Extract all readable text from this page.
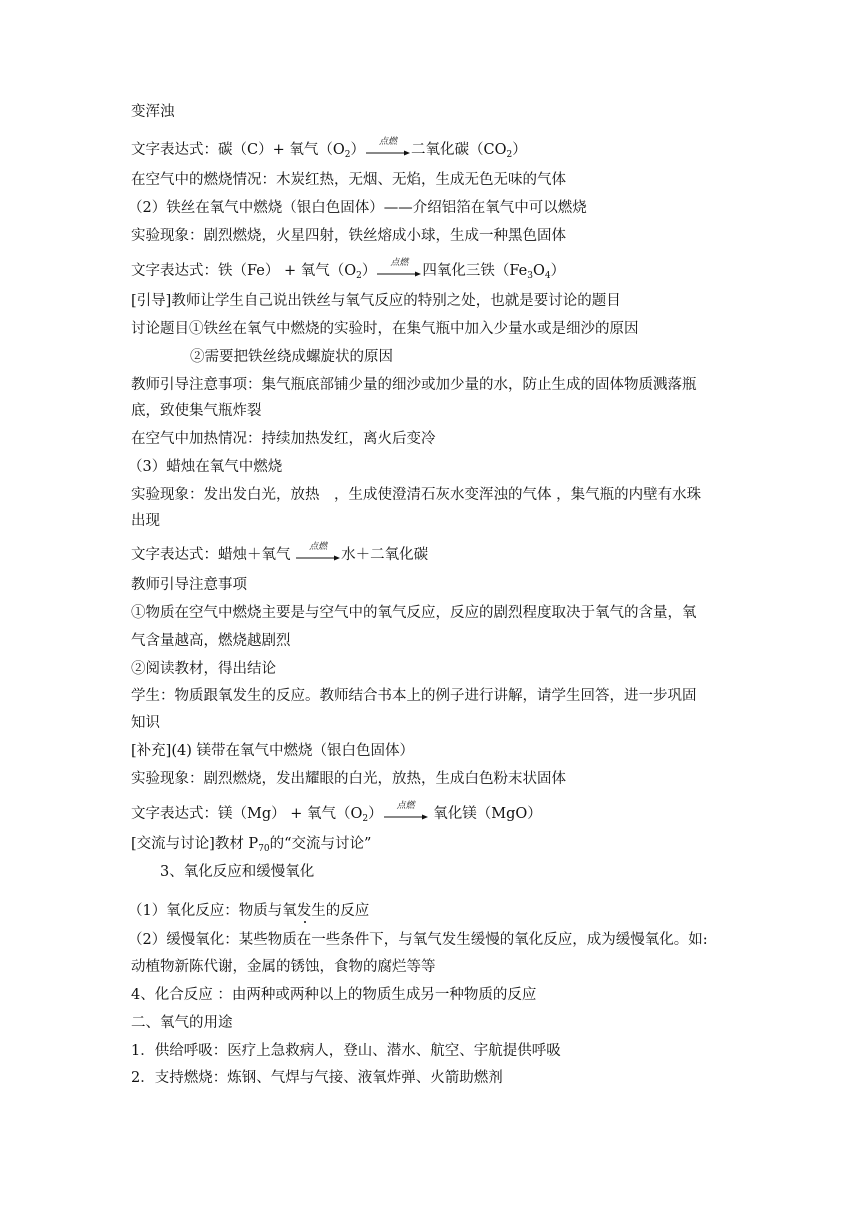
变浑浊
文字表达式：碳（C）+ 氧气$(O_2)$	点燃 二氧化碳$(CO_2)$
在空气中的燃烧情况：木炭红热，无烟、无焰，生成无色无味的气体
（2）铁丝在氧气中燃烧（银白色固体）——介绍铝箔在氧气中可以燃烧
实验现象：剧烈燃烧，火星四射，铁丝熔成小球，生成一种黑色固体
文字表达式：铁（Fe） + 氧气$(O_2)$	点燃 四氧化三铁$(Fe_3O_4)$
[引导]教师让学生自己说出铁丝与氧气反应的特别之处，也就是要讨论的题目
讨论题目①铁丝在氧气中燃烧的实验时，在集气瓶中加入少量水或是细沙的原因
②需要把铁丝绕成螺旋状的原因
教师引导注意事项：集气瓶底部铺少量的细沙或加少量的水，防止生成的固体物质溅落瓶
底，致使集气瓶炸裂
在空气中加热情况：持续加热发红，离火后变冷
（3）蜡烛在氧气中燃烧
实验现象：发出发白光，放热　，生成使澄清石灰水变浑浊的气体 ，集气瓶的内壁有水珠
出现
文字表达式：蜡烛＋氧气	点燃 水＋二氧化碳
教师引导注意事项
①物质在空气中燃烧主要是与空气中的氧气反应，反应的剧烈程度取决于氧气的含量，氧
气含量越高，燃烧越剧烈
②阅读教材，得出结论
学生：物质跟氧发生的反应。教师结合书本上的例子进行讲解，请学生回答，进一步巩固
知识
[补充](4) 镁带在氧气中燃烧（银白色固体）
实验现象：剧烈燃烧，发出耀眼的白光，放热，生成白色粉末状固体
文字表达式：镁（Mg） + 氧气$(O_2)$	点燃 氧化镁（MgO）
[交流与讨论]教材 $P_{70}$的“交流与讨论”
3、氧化反应和缓慢氧化
（1）氧化反应：物质与氧发生的反应
（2）缓慢氧化：某些物质在一些条件下，与氧气发生缓慢的氧化反应，成为缓慢氧化。如:
动植物新陈代谢，金属的锈蚀，食物的腐烂等等
4、化合反应 ：由两种或两种以上的物质生成另一种物质的反应
二、氧气的用途
1．供给呼吸：医疗上急救病人，登山、潜水、航空、宇航提供呼吸
2．支持燃烧：炼钢、气焊与气接、液氧炸弹、火箭助燃剂
